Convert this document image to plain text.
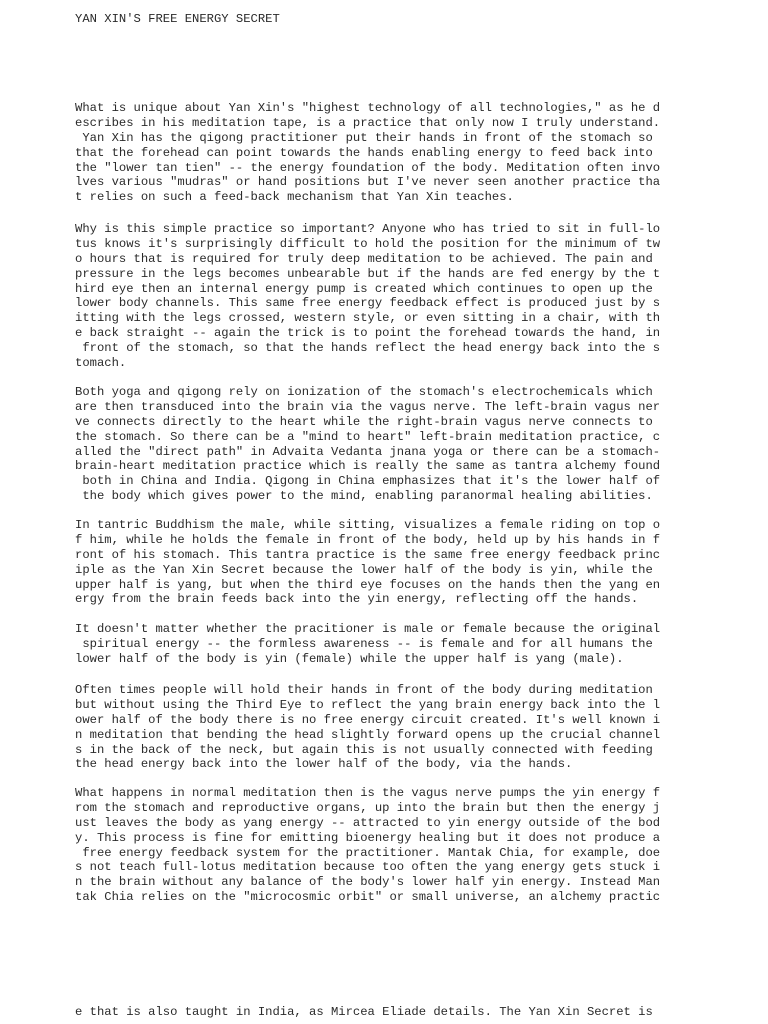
YAN XIN'S FREE ENERGY SECRET
What is unique about Yan Xin's "highest technology of all technologies," as he d
escribes in his meditation tape, is a practice that only now I truly understand.
Yan Xin has the qigong practitioner put their hands in front of the stomach so
that the forehead can point towards the hands enabling energy to feed back into
the "lower tan tien" -- the energy foundation of the body. Meditation often invo
lves various "mudras" or hand positions but I've never seen another practice tha
t relies on such a feed-back mechanism that Yan Xin teaches.
Why is this simple practice so important? Anyone who has tried to sit in full-lo
tus knows it's surprisingly difficult to hold the position for the minimum of tw
o hours that is required for truly deep meditation to be achieved. The pain and
pressure in the legs becomes unbearable but if the hands are fed energy by the t
hird eye then an internal energy pump is created which continues to open up the
lower body channels. This same free energy feedback effect is produced just by s
itting with the legs crossed, western style, or even sitting in a chair, with th
e back straight -- again the trick is to point the forehead towards the hand, in
front of the stomach, so that the hands reflect the head energy back into the s
tomach.
Both yoga and qigong rely on ionization of the stomach's electrochemicals which
are then transduced into the brain via the vagus nerve. The left-brain vagus ner
ve connects directly to the heart while the right-brain vagus nerve connects to
the stomach. So there can be a "mind to heart" left-brain meditation practice, c
alled the "direct path" in Advaita Vedanta jnana yoga or there can be a stomach-
brain-heart meditation practice which is really the same as tantra alchemy found
both in China and India. Qigong in China emphasizes that it's the lower half of
the body which gives power to the mind, enabling paranormal healing abilities.
In tantric Buddhism the male, while sitting, visualizes a female riding on top o
f him, while he holds the female in front of the body, held up by his hands in f
ront of his stomach. This tantra practice is the same free energy feedback princ
iple as the Yan Xin Secret because the lower half of the body is yin, while the
upper half is yang, but when the third eye focuses on the hands then the yang en
ergy from the brain feeds back into the yin energy, reflecting off the hands.
It doesn't matter whether the pracitioner is male or female because the original
spiritual energy -- the formless awareness -- is female and for all humans the
lower half of the body is yin (female) while the upper half is yang (male).
Often times people will hold their hands in front of the body during meditation
but without using the Third Eye to reflect the yang brain energy back into the l
ower half of the body there is no free energy circuit created. It's well known i
n meditation that bending the head slightly forward opens up the crucial channel
s in the back of the neck, but again this is not usually connected with feeding
the head energy back into the lower half of the body, via the hands.
What happens in normal meditation then is the vagus nerve pumps the yin energy f
rom the stomach and reproductive organs, up into the brain but then the energy j
ust leaves the body as yang energy -- attracted to yin energy outside of the bod
y. This process is fine for emitting bioenergy healing but it does not produce a
free energy feedback system for the practitioner. Mantak Chia, for example, doe
s not teach full-lotus meditation because too often the yang energy gets stuck i
n the brain without any balance of the body's lower half yin energy. Instead Man
tak Chia relies on the "microcosmic orbit" or small universe, an alchemy practic
e that is also taught in India, as Mircea Eliade details. The Yan Xin Secret is
